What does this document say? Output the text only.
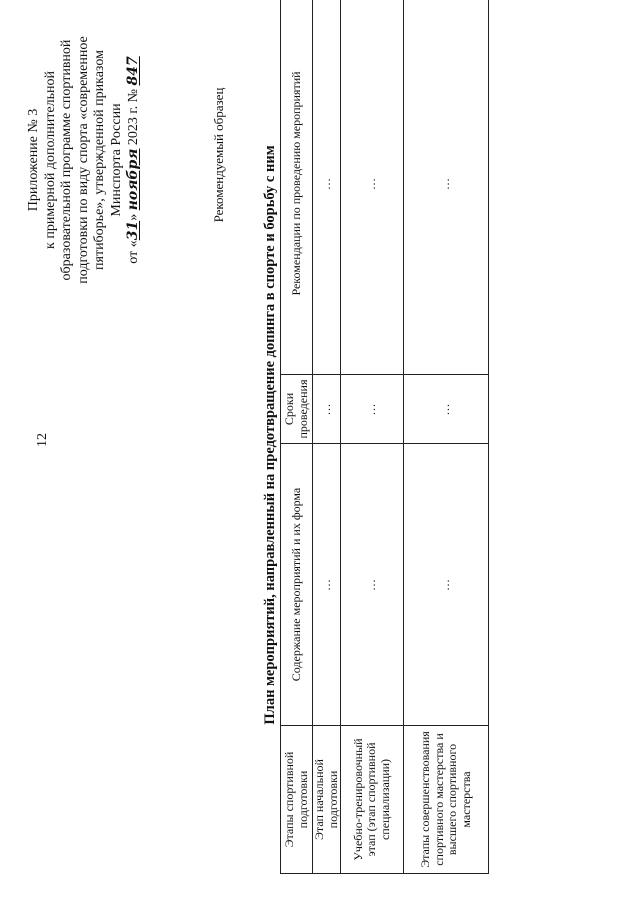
12
Приложение № 3 к примерной дополнительной образовательной программе спортивной подготовки по виду спорта «современное пятиборье», утвержденной приказом Минспорта России
от «31» ноября 2023 г. № 847
Рекомендуемый образец План мероприятий, направленный на предотвращение допинга в спорте и борьбу с ним
Этапы спортивной подготовки	Содержание мероприятий и их форма	Сроки проведения	Рекомендации по проведению мероприятий
Этап начальной подготовки	…	…	…
Учебно-тренировочный этап (этап спортивной специализации)	…	…	…
Этапы совершенствования спортивного мастерства и высшего спортивного мастерства	…	…	…
